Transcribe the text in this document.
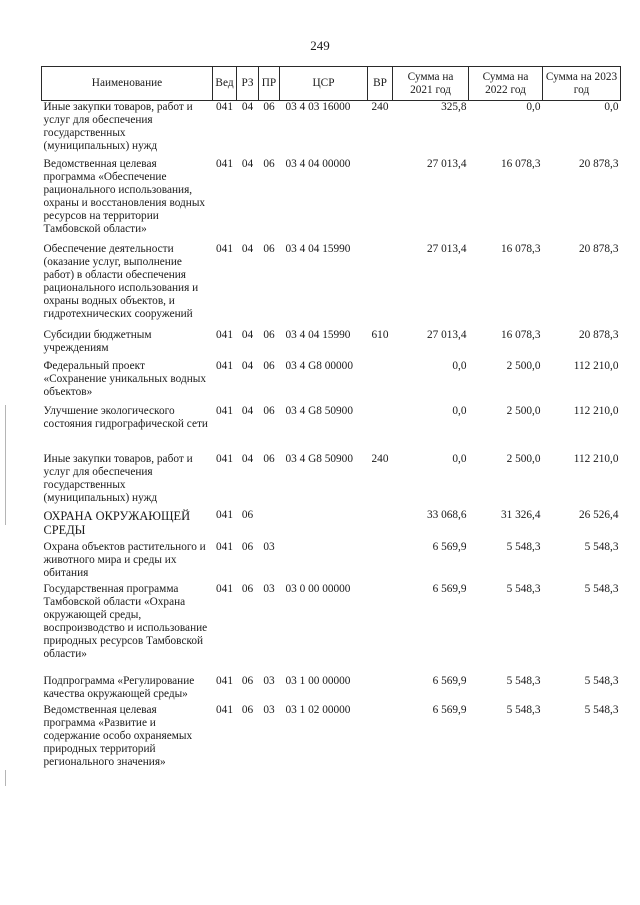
249
Наименование	Вед	РЗ	ПР	ЦСР	ВР	Сумма на 2021 год	Сумма на 2022 год	Сумма на 2023 год
Иные закупки товаров, работ и услуг для обеспечения государственных (муниципальных) нужд	041	04	06	03 4 03 16000	240	325,8	0,0	0,0
Ведомственная целевая программа «Обеспечение рационального использования, охраны и восстановления водных ресурсов на территории Тамбовской области»	041	04	06	03 4 04 00000		27 013,4	16 078,3	20 878,3
Обеспечение деятельности (оказание услуг, выполнение работ) в области обеспечения рационального использования и охраны водных объектов, и гидротехнических сооружений	041	04	06	03 4 04 15990		27 013,4	16 078,3	20 878,3
Субсидии бюджетным учреждениям	041	04	06	03 4 04 15990	610	27 013,4	16 078,3	20 878,3
Федеральный проект «Сохранение уникальных водных объектов»	041	04	06	03 4 G8 00000		0,0	2 500,0	112 210,0
Улучшение экологического состояния гидрографической сети	041	04	06	03 4 G8 50900		0,0	2 500,0	112 210,0
Иные закупки товаров, работ и услуг для обеспечения государственных (муниципальных) нужд	041	04	06	03 4 G8 50900	240	0,0	2 500,0	112 210,0
ОХРАНА ОКРУЖАЮЩЕЙ СРЕДЫ	041	06				33 068,6	31 326,4	26 526,4
Охрана объектов растительного и животного мира и среды их обитания	041	06	03			6 569,9	5 548,3	5 548,3
Государственная программа Тамбовской области «Охрана окружающей среды, воспроизводство и использование природных ресурсов Тамбовской области»	041	06	03	03 0 00 00000		6 569,9	5 548,3	5 548,3
Подпрограмма «Регулирование качества окружающей среды»	041	06	03	03 1 00 00000		6 569,9	5 548,3	5 548,3
Ведомственная целевая программа «Развитие и содержание особо охраняемых природных территорий регионального значения»	041	06	03	03 1 02 00000		6 569,9	5 548,3	5 548,3
